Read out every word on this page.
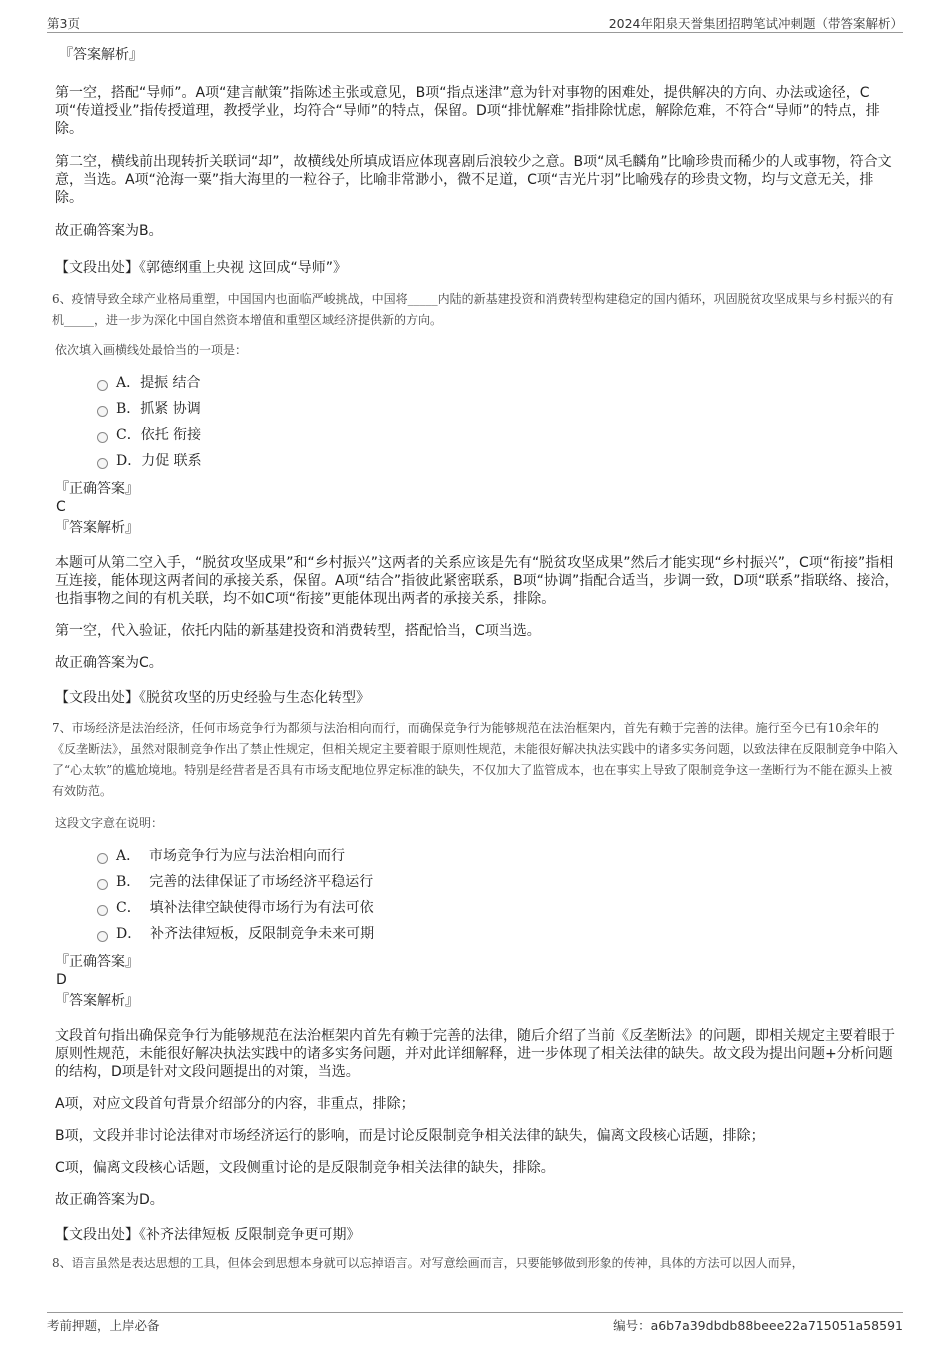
第3页	2024年阳泉天誉集团招聘笔试冲刺题（带答案解析）

『答案解析』

第一空，搭配“导师”。A项“建言献策”指陈述主张或意见，B项“指点迷津”意为针对事物的困难处，提供解决的方向、办法或途径，C项“传道授业”指传授道理，教授学业，均符合“导师”的特点，保留。D项“排忧解难”指排除忧虑，解除危难，不符合“导师”的特点，排除。

第二空，横线前出现转折关联词“却”，故横线处所填成语应体现喜剧后浪较少之意。B项“凤毛麟角”比喻珍贵而稀少的人或事物，符合文意，当选。A项“沧海一粟”指大海里的一粒谷子，比喻非常渺小，微不足道，C项“吉光片羽”比喻残存的珍贵文物，均与文意无关，排除。

故正确答案为B。

【文段出处】《郭德纲重上央视 这回成“导师”》

6、疫情导致全球产业格局重塑，中国国内也面临严峻挑战，中国将_____内陆的新基建投资和消费转型构建稳定的国内循环，巩固脱贫攻坚成果与乡村振兴的有机_____，进一步为深化中国自然资本增值和重塑区域经济提供新的方向。

依次填入画横线处最恰当的一项是：

A．提振 结合
B．抓紧 协调
C．依托 衔接
D．力促 联系

『正确答案』

C

『答案解析』

本题可从第二空入手，“脱贫攻坚成果”和“乡村振兴”这两者的关系应该是先有“脱贫攻坚成果”然后才能实现“乡村振兴”，C项“衔接”指相互连接，能体现这两者间的承接关系，保留。A项“结合”指彼此紧密联系，B项“协调”指配合适当，步调一致，D项“联系”指联络、接洽，也指事物之间的有机关联，均不如C项“衔接”更能体现出两者的承接关系，排除。

第一空，代入验证，依托内陆的新基建投资和消费转型，搭配恰当，C项当选。

故正确答案为C。

【文段出处】《脱贫攻坚的历史经验与生态化转型》

7、市场经济是法治经济，任何市场竞争行为都须与法治相向而行，而确保竞争行为能够规范在法治框架内，首先有赖于完善的法律。施行至今已有10余年的《反垄断法》，虽然对限制竞争作出了禁止性规定，但相关规定主要着眼于原则性规范，未能很好解决执法实践中的诸多实务问题，以致法律在反限制竞争中陷入了“心太软”的尴尬境地。特别是经营者是否具有市场支配地位界定标准的缺失，不仅加大了监管成本，也在事实上导致了限制竞争这一垄断行为不能在源头上被有效防范。

这段文字意在说明：

A．  市场竞争行为应与法治相向而行
B．  完善的法律保证了市场经济平稳运行
C．  填补法律空缺使得市场行为有法可依
D．  补齐法律短板，反限制竞争未来可期

『正确答案』

D

『答案解析』

文段首句指出确保竞争行为能够规范在法治框架内首先有赖于完善的法律，随后介绍了当前《反垄断法》的问题，即相关规定主要着眼于原则性规范，未能很好解决执法实践中的诸多实务问题，并对此详细解释，进一步体现了相关法律的缺失。故文段为提出问题+分析问题的结构，D项是针对文段问题提出的对策，当选。

A项，对应文段首句背景介绍部分的内容，非重点，排除；

B项，文段并非讨论法律对市场经济运行的影响，而是讨论反限制竞争相关法律的缺失，偏离文段核心话题，排除；

C项，偏离文段核心话题，文段侧重讨论的是反限制竞争相关法律的缺失，排除。

故正确答案为D。

【文段出处】《补齐法律短板 反限制竞争更可期》

8、语言虽然是表达思想的工具，但体会到思想本身就可以忘掉语言。对写意绘画而言，只要能够做到形象的传神，具体的方法可以因人而异，

考前押题，上岸必备	编号：a6b7a39dbdb88beee22a715051a58591
